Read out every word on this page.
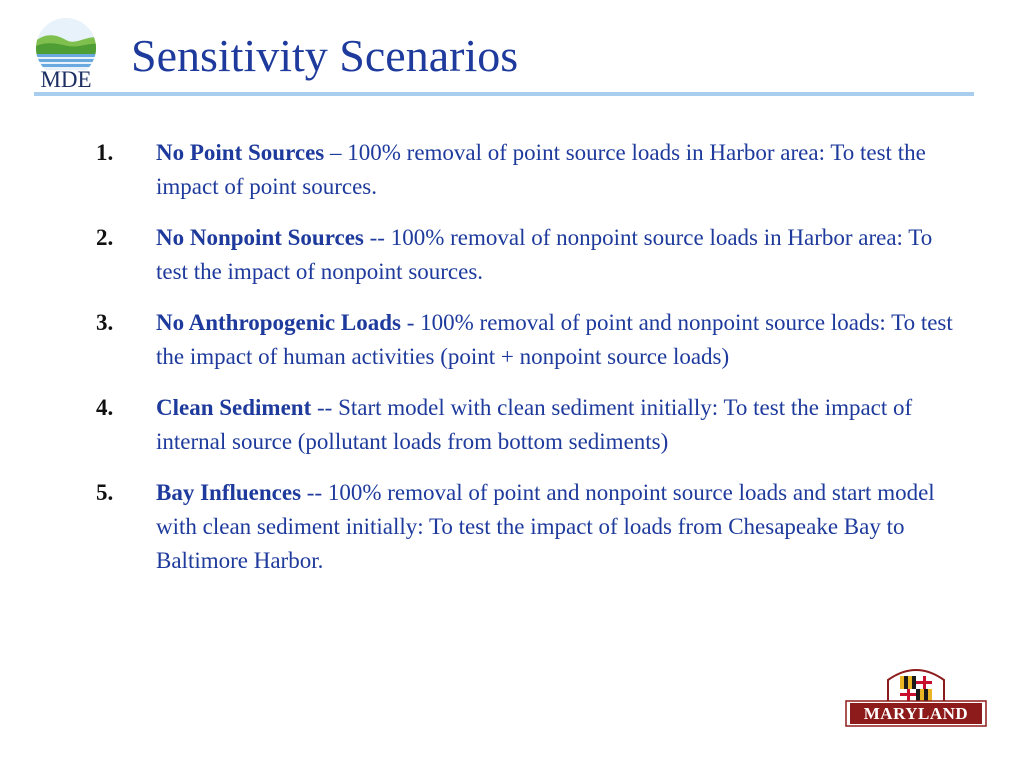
MDE Sensitivity Scenarios
1. No Point Sources – 100% removal of point source loads in Harbor area: To test the impact of point sources.
2. No Nonpoint Sources -- 100% removal of nonpoint source loads in Harbor area: To test the impact of nonpoint sources.
3. No Anthropogenic Loads - 100% removal of point and nonpoint source loads: To test the impact of human activities (point + nonpoint source loads)
4. Clean Sediment -- Start model with clean sediment initially: To test the impact of internal source (pollutant loads from bottom sediments)
5. Bay Influences -- 100% removal of point and nonpoint source loads and start model with clean sediment initially: To test the impact of loads from Chesapeake Bay to Baltimore Harbor.
MARYLAND
